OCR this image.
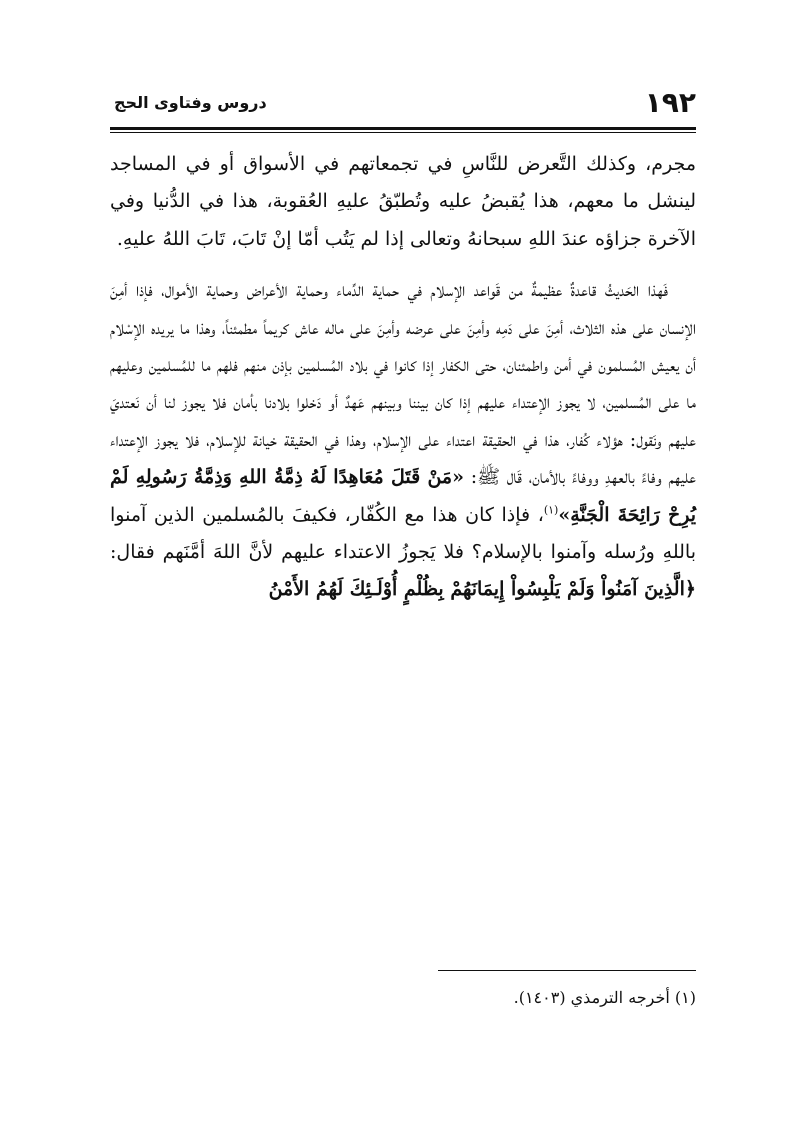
١٩٢
دروس وفتاوى الحج

مجرم، وكذلك التَّعرض للنَّاسِ في تجمعاتهم في الأسواق أو في المساجد لينشل ما معهم، هذا يُقبضُ عليه وتُطبّقُ عليهِ العُقوبة، هذا في الدُّنيا وفي الآخرة جزاؤه عندَ اللهِ سبحانهُ وتعالى إذا لم يَتُب أمّا إنْ تَابَ، تَابَ اللهُ عليهِ.

فَهذا الحَديثُ قاعدةٌ عظيمةٌ من قَواعد الإسلام في حماية الدِّماء وحماية الأعراض وحماية الأموال، فإذا أمِنَ الإنسان على هذه الثلاث، أمِنَ على دَمِه وأمِنَ على عرضه وأمِنَ على ماله عاش كريماً مطمئناً، وهذا ما يريده الإسْلام أن يعيش المُسلمون في أمن واطمئنان، حتى الكفار إذا كانوا في بلاد المُسلمين بإذن منهم فلهم ما للمُسلمين وعليهم ما على المُسلمين، لا يجوز الإعتداء عليهم إذا كان بيننا وبينهم عَهدٌ أو دَخلوا بلادنا بأمان فلا يجوز لنا أن نَعتديَ عليهم ونَقول: هؤلاء كُفار، هذا في الحقيقة اعتداء على الإسلام، وهذا في الحقيقة خيانة للإسلام، فلا يجوز الإعتداء عليهم وفاءً بالعهدِ ووفاءً بالأمان، قَال ﷺ: «مَنْ قَتَلَ مُعَاهِدًا لَهُ ذِمَّةُ اللهِ وَذِمَّةُ رَسُولِهِ لَمْ يُرِحْ رَائِحَةَ الْجَنَّةِ»$^{(١)}$، فإذا كان هذا مع الكُفّار، فكيفَ بالمُسلمين الذين آمنوا باللهِ ورُسله وآمنوا بالإسلام؟ فلا يَجوزُ الاعتداء عليهم لأنَّ اللهَ أمَّنَهم فقال: ﴿الَّذِينَ آمَنُواْ وَلَمْ يَلْبِسُواْ إِيمَانَهُمْ بِظُلْمٍ أُوْلَـئِكَ لَهُمُ الأَمْنُ

(١) أخرجه الترمذي (١٤٠٣).
